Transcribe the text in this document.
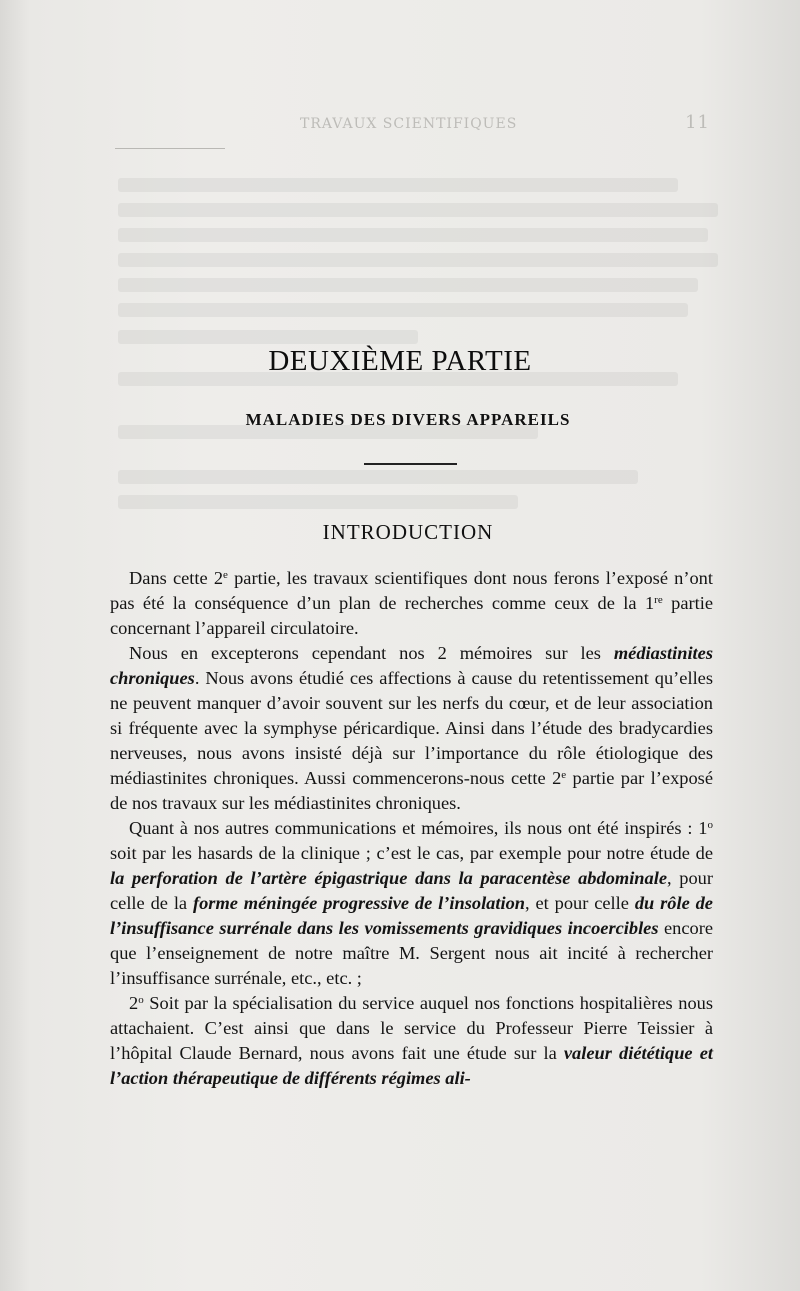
TRAVAUX SCIENTIFIQUES	11
DEUXIÈME PARTIE
MALADIES DES DIVERS APPAREILS
INTRODUCTION

Dans cette 2e partie, les travaux scientifiques dont nous ferons l’exposé n’ont pas été la conséquence d’un plan de recherches comme ceux de la 1re partie concernant l’appareil circulatoire.

Nous en excepterons cependant nos 2 mémoires sur les médiastinites chroniques. Nous avons étudié ces affections à cause du retentissement qu’elles ne peuvent manquer d’avoir souvent sur les nerfs du cœur, et de leur association si fréquente avec la symphyse péricardique. Ainsi dans l’étude des bradycardies nerveuses, nous avons insisté déjà sur l’importance du rôle étiologique des médiastinites chroniques. Aussi commencerons-nous cette 2e partie par l’exposé de nos travaux sur les médiastinites chroniques.

Quant à nos autres communications et mémoires, ils nous ont été inspirés : 1$^o$ soit par les hasards de la clinique ; c’est le cas, par exemple pour notre étude de la perforation de l’artère épigastrique dans la paracentèse abdominale, pour celle de la forme méningée progressive de l’insolation, et pour celle du rôle de l’insuffisance surrénale dans les vomissements gravidiques incoercibles encore que l’enseignement de notre maître M. Sergent nous ait incité à rechercher l’insuffisance surrénale, etc., etc. ;

2$^o$ Soit par la spécialisation du service auquel nos fonctions hospitalières nous attachaient. C’est ainsi que dans le service du Professeur Pierre Teissier à l’hôpital Claude Bernard, nous avons fait une étude sur la valeur diététique et l’action thérapeutique de différents régimes ali-
